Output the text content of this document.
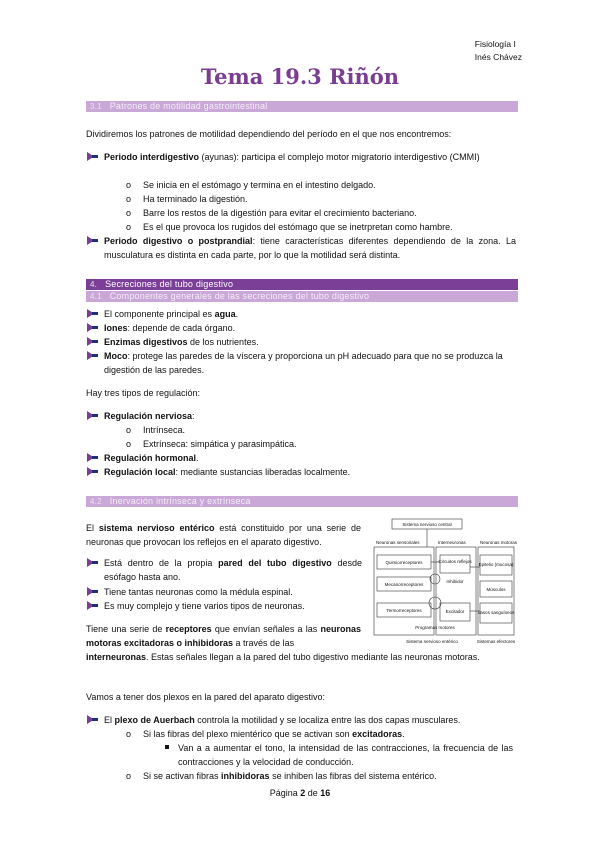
Fisiología I
Inés Chávez
Tema 19.3 Riñón
3.1 Patrones de motilidad gastrointestinal
Dividiremos los patrones de motilidad dependiendo del período en el que nos encontremos:
Periodo interdigestivo (ayunas): participa el complejo motor migratorio interdigestivo (CMMI)
o Se inicia en el estómago y termina en el intestino delgado.
o Ha terminado la digestión.
o Barre los restos de la digestión para evitar el crecimiento bacteriano.
o Es el que provoca los rugidos del estómago que se inetrpretan como hambre.
Periodo digestivo o postprandial: tiene características diferentes dependiendo de la zona. La musculatura es distinta en cada parte, por lo que la motilidad será distinta.
4. Secreciones del tubo digestivo
4.1 Componentes generales de las secreciones del tubo digestivo
El componente principal es agua.
Iones: depende de cada órgano.
Enzimas digestivos de los nutrientes.
Moco: protege las paredes de la víscera y proporciona un pH adecuado para que no se produzca la digestión de las paredes.
Hay tres tipos de regulación:
Regulación nerviosa:
o Intrínseca.
o Extrínseca: simpática y parasimpática.
Regulación hormonal.
Regulación local: mediante sustancias liberadas localmente.
4.2 Inervación intrínseca y extrínseca
El sistema nervioso entérico está constituido por una serie de neuronas que provocan los reflejos en el aparato digestivo.
Está dentro de la propia pared del tubo digestivo desde esófago hasta ano.
Tiene tantas neuronas como la médula espinal.
Es muy complejo y tiene varios tipos de neuronas.
Tiene una serie de receptores que envían señales a las neuronas motoras excitadoras o inhibidoras a través de las
interneuronas. Estas señales llegan a la pared del tubo digestivo mediante las neuronas motoras.
Vamos a tener dos plexos en la pared del aparato digestivo:
El plexo de Auerbach controla la motilidad y se localiza entre las dos capas musculares.
o Si las fibras del plexo mientérico que se activan son excitadoras.
Van a a aumentar el tono, la intensidad de las contracciones, la frecuencia de las contracciones y la velocidad de conducción.
o Si se activan fibras inhibidoras se inhiben las fibras del sistema entérico.
Página 2 de 16
Sistema nervioso central
Neuronas sensoriales	Interneuronas	Neuronas motoras
Quimiorreceptores
Mecanorreceptores
Termorreceptores
Circuitos reflejos
Inhibidor
Excitador
Programas motores
Epitelio (mucosa)
Músculos
Vasos sanguíneos
Sistema nervioso entérico	Sistemas efectores
